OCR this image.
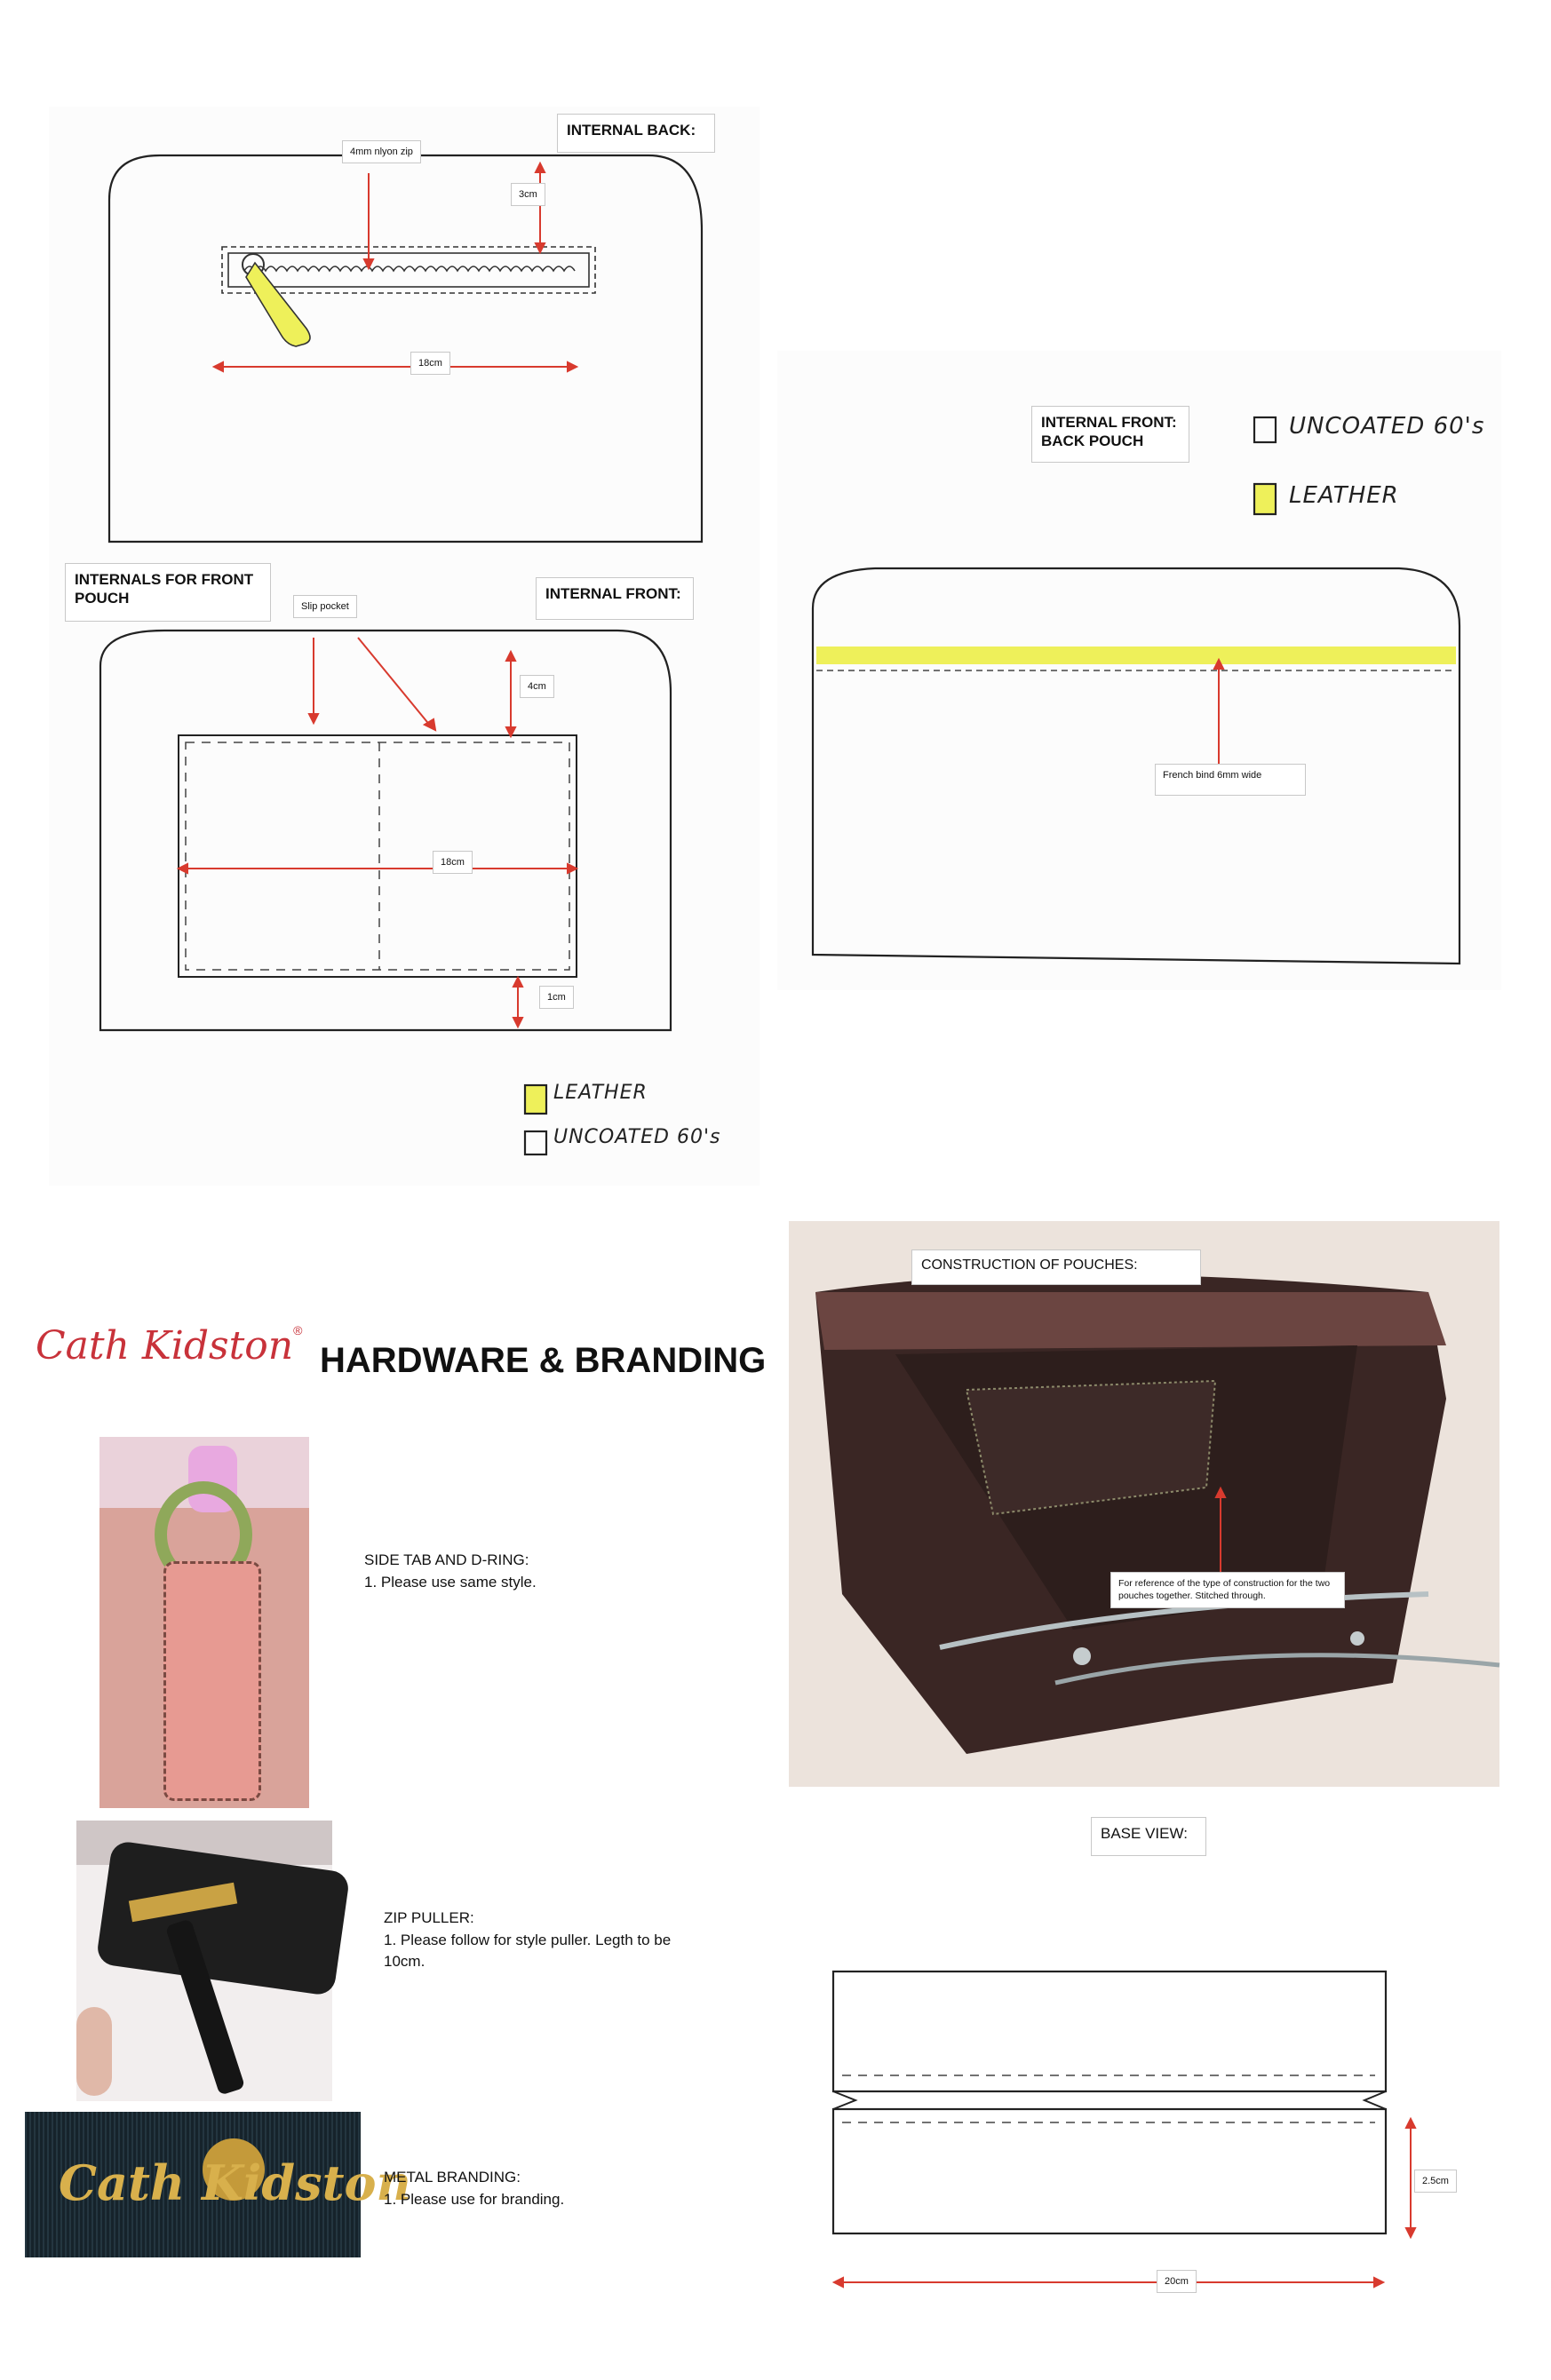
INTERNAL BACK:
4mm nlyon zip
3cm
18cm
INTERNAL FRONT: BACK POUCH
UNCOATED 60's
LEATHER
French bind 6mm wide
INTERNALS FOR FRONT POUCH	INTERNAL FRONT:
Slip pocket
4cm
18cm
1cm
LEATHER
UNCOATED 60's
Cath Kidston®
HARDWARE & BRANDING
SIDE TAB AND D-RING:
1. Please use same style.
ZIP PULLER:
1. Please follow for style puller. Legth to be 10cm.
Cath Kidston
METAL BRANDING:
1. Please use for branding.
CONSTRUCTION OF POUCHES:
For reference of the type of construction for the two pouches together. Stitched through.
BASE VIEW:
2.5cm
20cm
